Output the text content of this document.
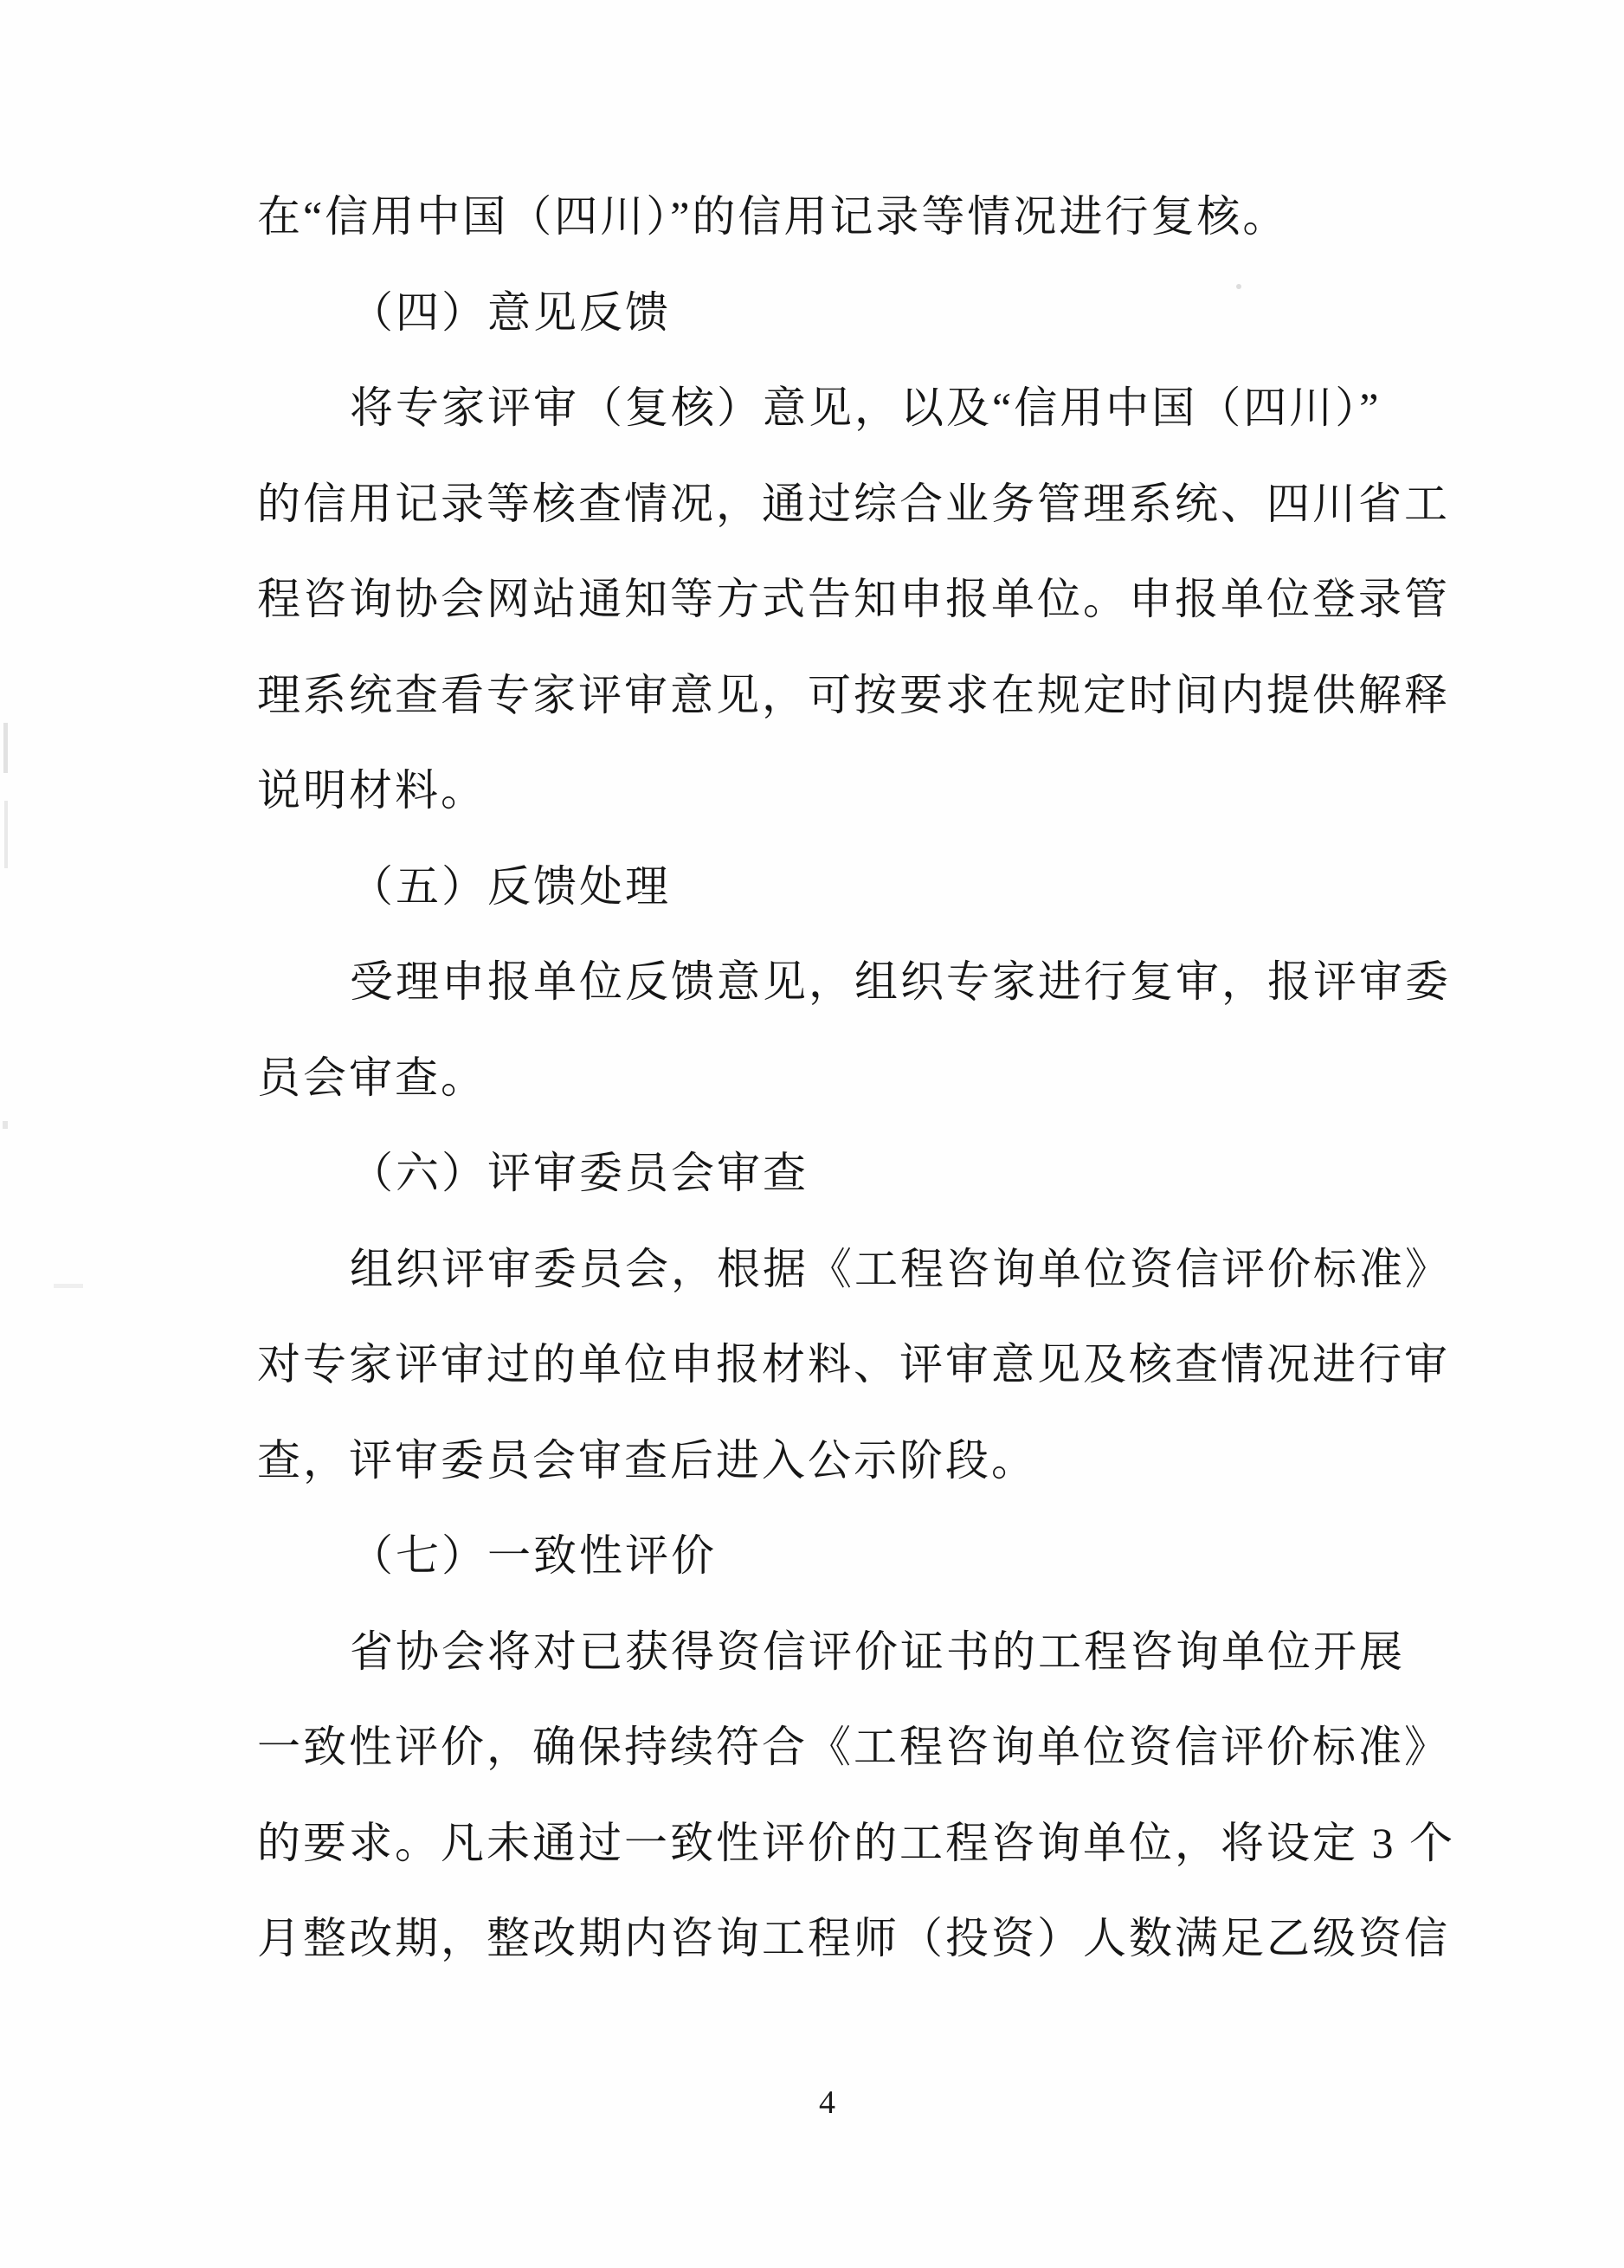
在“信用中国（四川）”的信用记录等情况进行复核。
（四）意见反馈
将专家评审（复核）意见，以及“信用中国（四川）”
的信用记录等核查情况，通过综合业务管理系统、四川省工
程咨询协会网站通知等方式告知申报单位。申报单位登录管
理系统查看专家评审意见，可按要求在规定时间内提供解释
说明材料。
（五）反馈处理
受理申报单位反馈意见，组织专家进行复审，报评审委
员会审查。
（六）评审委员会审查
组织评审委员会，根据《工程咨询单位资信评价标准》
对专家评审过的单位申报材料、评审意见及核查情况进行审
查，评审委员会审查后进入公示阶段。
（七）一致性评价
省协会将对已获得资信评价证书的工程咨询单位开展
一致性评价，确保持续符合《工程咨询单位资信评价标准》
的要求。凡未通过一致性评价的工程咨询单位，将设定 3 个
月整改期，整改期内咨询工程师（投资）人数满足乙级资信
4
